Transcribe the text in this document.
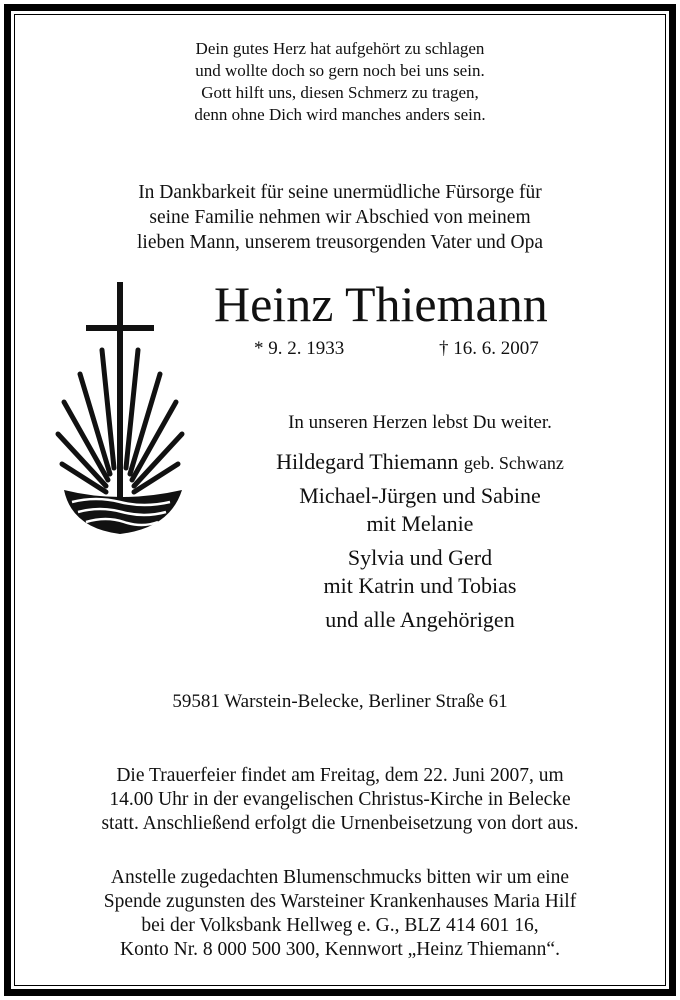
Dein gutes Herz hat aufgehört zu schlagen
und wollte doch so gern noch bei uns sein.
Gott hilft uns, diesen Schmerz zu tragen,
denn ohne Dich wird manches anders sein.
In Dankbarkeit für seine unermüdliche Fürsorge für
seine Familie nehmen wir Abschied von meinem
lieben Mann, unserem treusorgenden Vater und Opa
Heinz Thiemann
* 9. 2. 1933	† 16. 6. 2007
In unseren Herzen lebst Du weiter.
Hildegard Thiemann geb. Schwanz
Michael-Jürgen und Sabine
mit Melanie
Sylvia und Gerd
mit Katrin und Tobias
und alle Angehörigen
59581 Warstein-Belecke, Berliner Straße 61
Die Trauerfeier findet am Freitag, dem 22. Juni 2007, um
14.00 Uhr in der evangelischen Christus-Kirche in Belecke
statt. Anschließend erfolgt die Urnenbeisetzung von dort aus.
Anstelle zugedachten Blumenschmucks bitten wir um eine
Spende zugunsten des Warsteiner Krankenhauses Maria Hilf
bei der Volksbank Hellweg e. G., BLZ 414 601 16,
Konto Nr. 8 000 500 300, Kennwort „Heinz Thiemann“.
